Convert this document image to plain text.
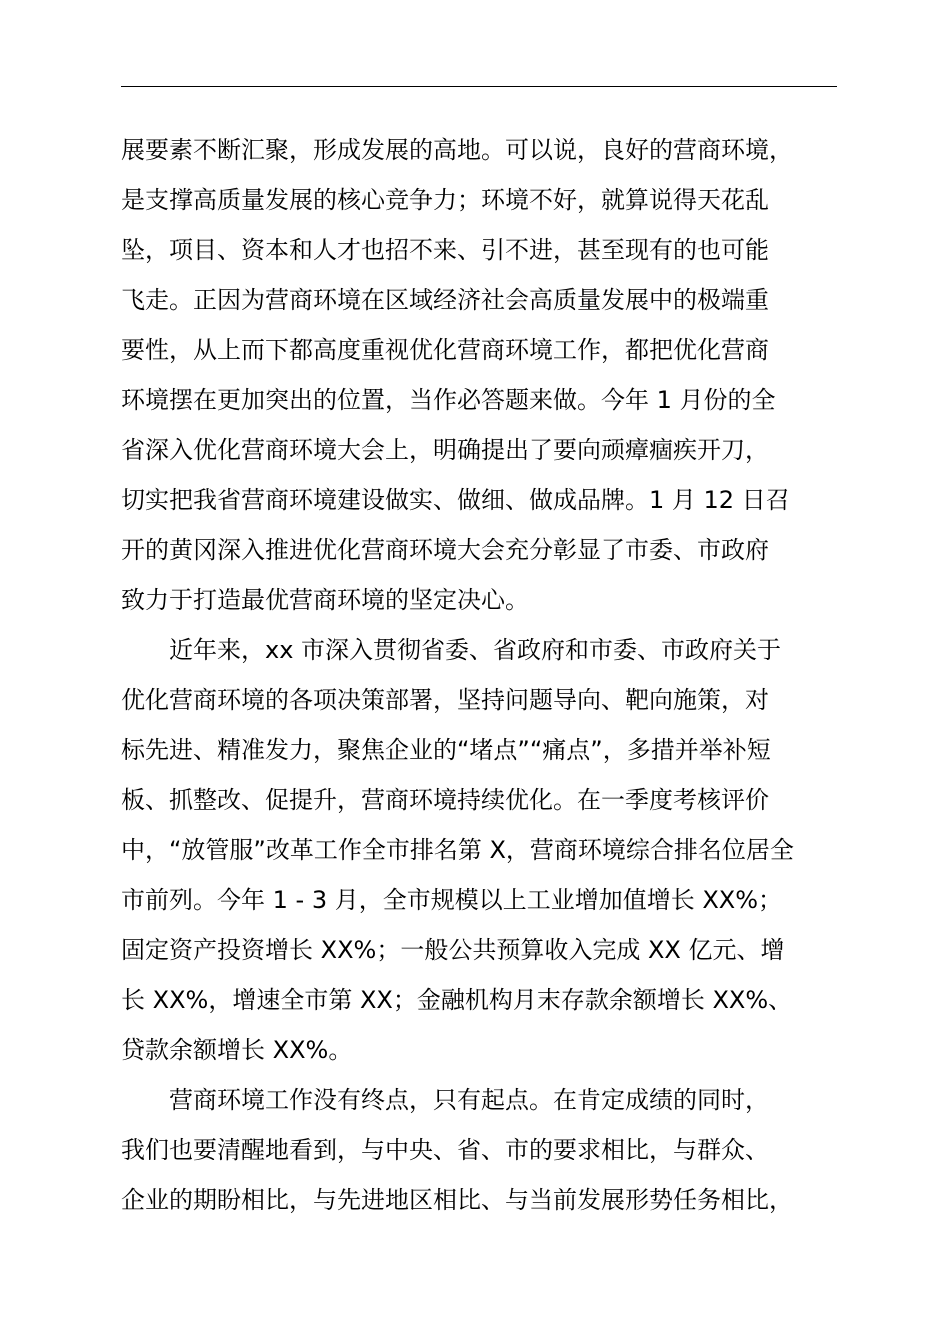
展要素不断汇聚，形成发展的高地。可以说，良好的营商环境，
是支撑高质量发展的核心竞争力；环境不好，就算说得天花乱
坠，项目、资本和人才也招不来、引不进，甚至现有的也可能
飞走。正因为营商环境在区域经济社会高质量发展中的极端重
要性，从上而下都高度重视优化营商环境工作，都把优化营商
环境摆在更加突出的位置，当作必答题来做。今年 1 月份的全
省深入优化营商环境大会上，明确提出了要向顽瘴痼疾开刀，
切实把我省营商环境建设做实、做细、做成品牌。1 月 12 日召
开的黄冈深入推进优化营商环境大会充分彰显了市委、市政府
致力于打造最优营商环境的坚定决心。
　　近年来，xx 市深入贯彻省委、省政府和市委、市政府关于
优化营商环境的各项决策部署，坚持问题导向、靶向施策，对
标先进、精准发力，聚焦企业的“堵点”“痛点”，多措并举补短
板、抓整改、促提升，营商环境持续优化。在一季度考核评价
中，“放管服”改革工作全市排名第 X，营商环境综合排名位居全
市前列。今年 1 - 3 月，全市规模以上工业增加值增长 XX%；
固定资产投资增长 XX%；一般公共预算收入完成 XX 亿元、增
长 XX%，增速全市第 XX；金融机构月末存款余额增长 XX%、
贷款余额增长 XX%。
　　营商环境工作没有终点，只有起点。在肯定成绩的同时，
我们也要清醒地看到，与中央、省、市的要求相比，与群众、
企业的期盼相比，与先进地区相比、与当前发展形势任务相比，
